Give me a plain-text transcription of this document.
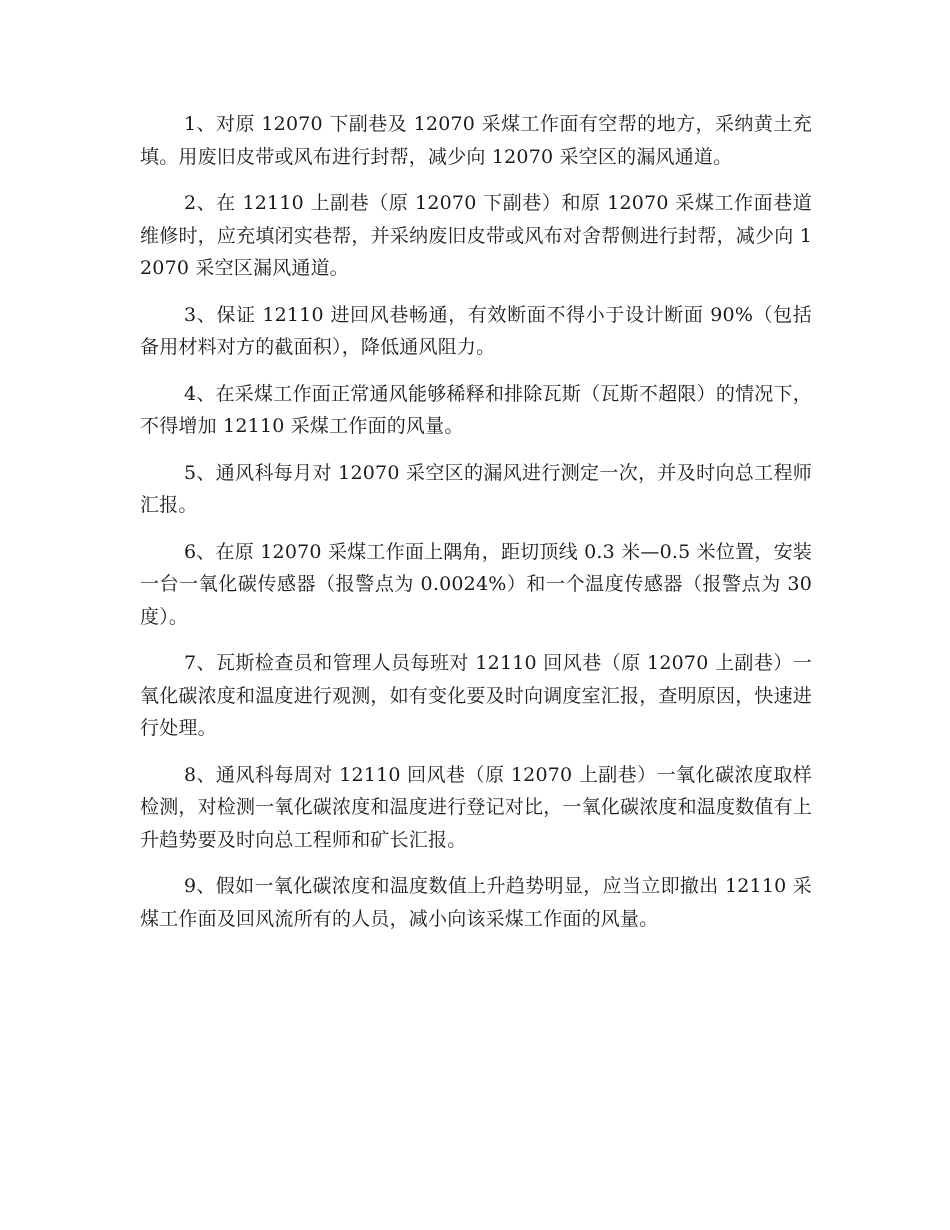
1、对原 12070 下副巷及 12070 采煤工作面有空帮的地方，采纳黄土充填。用废旧皮带或风布进行封帮，减少向 12070 采空区的漏风通道。

2、在 12110 上副巷（原 12070 下副巷）和原 12070 采煤工作面巷道维修时，应充填闭实巷帮，并采纳废旧皮带或风布对舍帮侧进行封帮，减少向 12070 采空区漏风通道。

3、保证 12110 进回风巷畅通，有效断面不得小于设计断面 90%（包括备用材料对方的截面积），降低通风阻力。

4、在采煤工作面正常通风能够稀释和排除瓦斯（瓦斯不超限）的情况下，不得增加 12110 采煤工作面的风量。

5、通风科每月对 12070 采空区的漏风进行测定一次，并及时向总工程师汇报。

6、在原 12070 采煤工作面上隅角，距切顶线 0.3 米—0.5 米位置，安装一台一氧化碳传感器（报警点为 0.0024%）和一个温度传感器（报警点为 30 度）。

7、瓦斯检查员和管理人员每班对 12110 回风巷（原 12070 上副巷）一氧化碳浓度和温度进行观测，如有变化要及时向调度室汇报，查明原因，快速进行处理。

8、通风科每周对 12110 回风巷（原 12070 上副巷）一氧化碳浓度取样检测，对检测一氧化碳浓度和温度进行登记对比，一氧化碳浓度和温度数值有上升趋势要及时向总工程师和矿长汇报。

9、假如一氧化碳浓度和温度数值上升趋势明显，应当立即撤出 12110 采煤工作面及回风流所有的人员，减小向该采煤工作面的风量。
